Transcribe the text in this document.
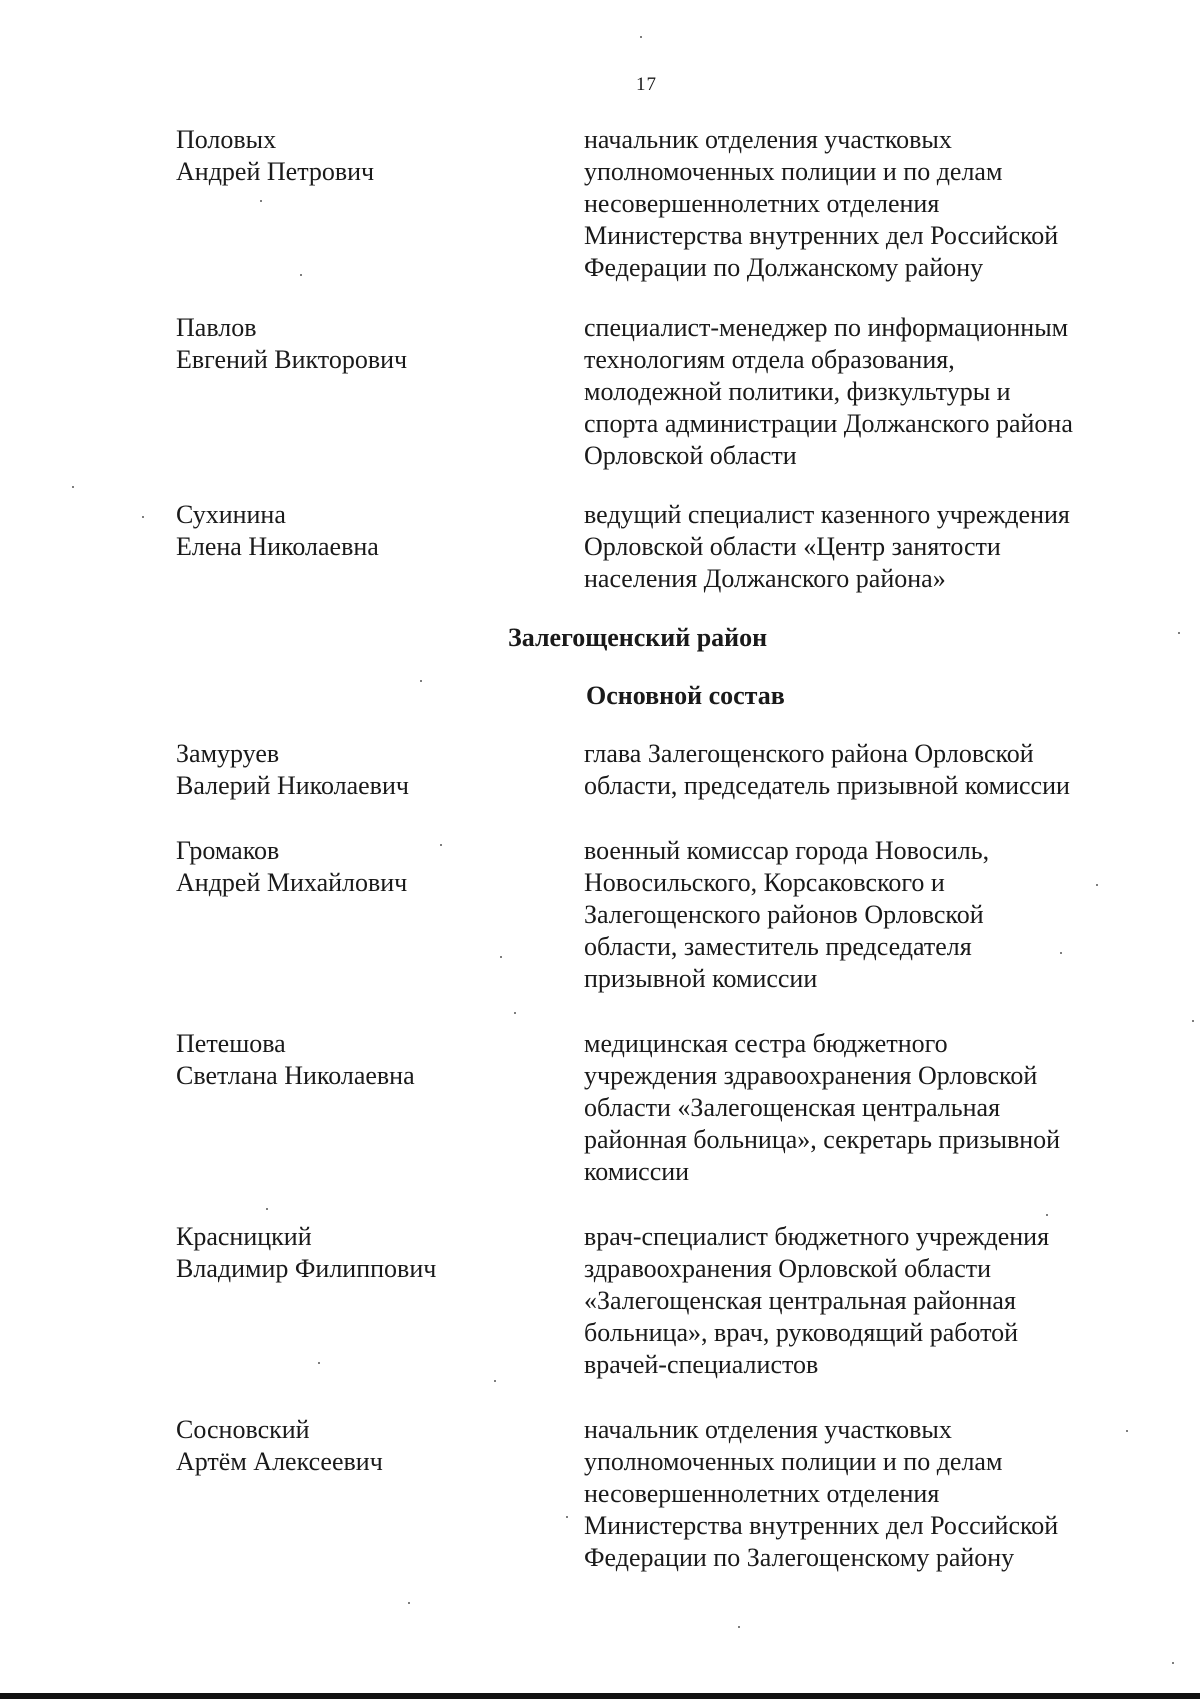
17
Половых
Андрей Петрович
начальник отделения участковых
уполномоченных полиции и по делам
несовершеннолетних отделения
Министерства внутренних дел Российской
Федерации по Должанскому району
Павлов
Евгений Викторович
специалист-менеджер по информационным
технологиям отдела образования,
молодежной политики, физкультуры и
спорта администрации Должанского района
Орловской области
Сухинина
Елена Николаевна
ведущий специалист казенного учреждения
Орловской области «Центр занятости
населения Должанского района»
Залегощенский район
Основной состав
Замуруев
Валерий Николаевич
глава Залегощенского района Орловской
области, председатель призывной комиссии
Громаков
Андрей Михайлович
военный комиссар города Новосиль,
Новосильского, Корсаковского и
Залегощенского районов Орловской
области, заместитель председателя
призывной комиссии
Петешова
Светлана Николаевна
медицинская сестра бюджетного
учреждения здравоохранения Орловской
области «Залегощенская центральная
районная больница», секретарь призывной
комиссии
Красницкий
Владимир Филиппович
врач-специалист бюджетного учреждения
здравоохранения Орловской области
«Залегощенская центральная районная
больница», врач, руководящий работой
врачей-специалистов
Сосновский
Артём Алексеевич
начальник отделения участковых
уполномоченных полиции и по делам
несовершеннолетних отделения
Министерства внутренних дел Российской
Федерации по Залегощенскому району
